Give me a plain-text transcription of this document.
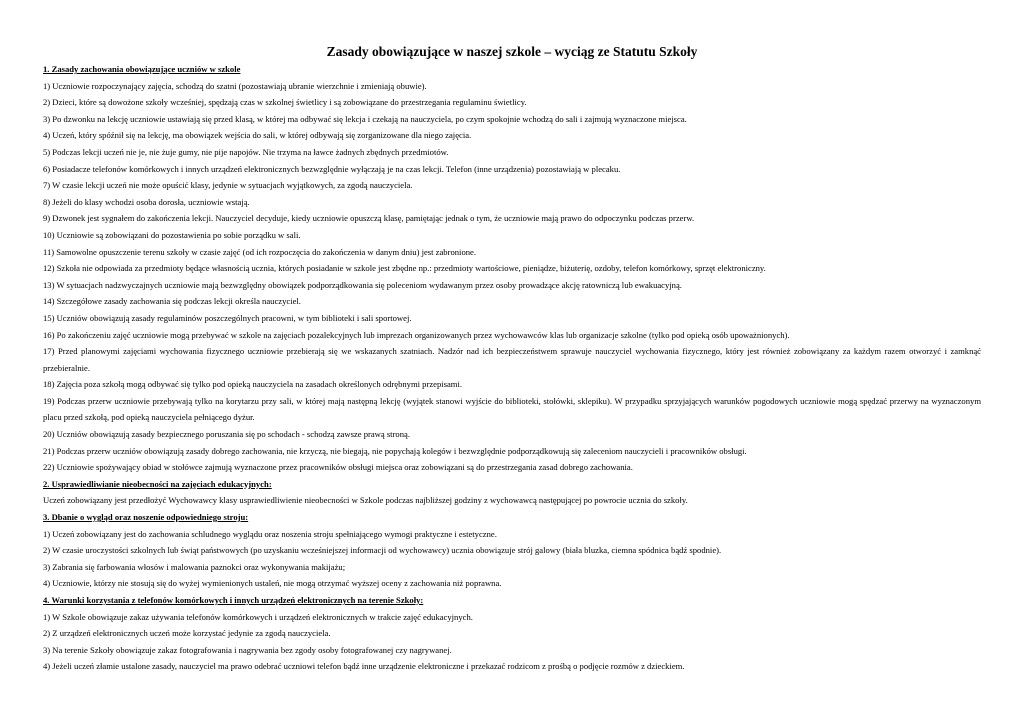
Zasady obowiązujące w naszej szkole – wyciąg ze Statutu Szkoły
1. Zasady zachowania obowiązujące uczniów w szkole
1) Uczniowie rozpoczynający zajęcia, schodzą do szatni (pozostawiają ubranie wierzchnie i zmieniają obuwie).
2) Dzieci, które są dowożone szkoły wcześniej, spędzają czas w szkolnej świetlicy i są zobowiązane do przestrzegania regulaminu świetlicy.
3) Po dzwonku na lekcję uczniowie ustawiają się przed klasą, w której ma odbywać się lekcja i czekają na nauczyciela, po czym spokojnie wchodzą do sali i zajmują wyznaczone miejsca.
4) Uczeń, który spóźnił się na lekcję, ma obowiązek wejścia do sali, w której odbywają się zorganizowane dla niego zajęcia.
5) Podczas lekcji uczeń nie je, nie żuje gumy, nie pije napojów. Nie trzyma na ławce żadnych zbędnych przedmiotów.
6) Posiadacze telefonów komórkowych i innych urządzeń elektronicznych bezwzględnie wyłączają je na czas lekcji. Telefon (inne urządzenia) pozostawiają w plecaku.
7) W czasie lekcji uczeń nie może opuścić klasy, jedynie w sytuacjach wyjątkowych, za zgodą nauczyciela.
8) Jeżeli do klasy wchodzi osoba dorosła, uczniowie wstają.
9) Dzwonek jest sygnałem do zakończenia lekcji. Nauczyciel decyduje, kiedy uczniowie opuszczą klasę, pamiętając jednak o tym, że uczniowie mają prawo do odpoczynku podczas przerw.
10) Uczniowie są zobowiązani do pozostawienia po sobie porządku w sali.
11) Samowolne opuszczenie terenu szkoły w czasie zajęć (od ich rozpoczęcia do zakończenia w danym dniu) jest zabronione.
12) Szkoła nie odpowiada za przedmioty będące własnością ucznia, których posiadanie w szkole jest zbędne np.: przedmioty wartościowe, pieniądze, biżuterię, ozdoby, telefon komórkowy, sprzęt elektroniczny.
13) W sytuacjach nadzwyczajnych uczniowie mają bezwzględny obowiązek podporządkowania się poleceniom wydawanym przez osoby prowadzące akcję ratowniczą lub ewakuacyjną.
14) Szczegółowe zasady zachowania się podczas lekcji określa nauczyciel.
15) Uczniów obowiązują zasady regulaminów poszczególnych pracowni, w tym biblioteki i sali sportowej.
16) Po zakończeniu zajęć uczniowie mogą przebywać w szkole na zajęciach pozalekcyjnych lub imprezach organizowanych przez wychowawców klas lub organizacje szkolne (tylko pod opieką osób upoważnionych).
17) Przed planowymi zajęciami wychowania fizycznego uczniowie przebierają się we wskazanych szatniach. Nadzór nad ich bezpieczeństwem sprawuje nauczyciel wychowania fizycznego, który jest również zobowiązany za każdym razem otworzyć i zamknąć przebieralnie.
18) Zajęcia poza szkołą mogą odbywać się tylko pod opieką nauczyciela na zasadach określonych odrębnymi przepisami.
19) Podczas przerw uczniowie przebywają tylko na korytarzu przy sali, w której mają następną lekcję (wyjątek stanowi wyjście do biblioteki, stołówki, sklepiku). W przypadku sprzyjających warunków pogodowych uczniowie mogą spędzać przerwy na wyznaczonym placu przed szkołą, pod opieką nauczyciela pełniącego dyżur.
20) Uczniów obowiązują zasady bezpiecznego poruszania się po schodach - schodzą zawsze prawą stroną.
21) Podczas przerw uczniów obowiązują zasady dobrego zachowania, nie krzyczą, nie biegają, nie popychają kolegów i bezwzględnie podporządkowują się zaleceniom nauczycieli i pracowników obsługi.
22) Uczniowie spożywający obiad w stołówce zajmują wyznaczone przez pracowników obsługi miejsca oraz zobowiązani są do przestrzegania zasad dobrego zachowania.
2. Usprawiedliwianie nieobecności na zajęciach edukacyjnych:
Uczeń zobowiązany jest przedłożyć Wychowawcy klasy usprawiedliwienie nieobecności w Szkole podczas najbliższej godziny z wychowawcą następującej po powrocie ucznia do szkoły.
3. Dbanie o wygląd oraz noszenie odpowiedniego stroju:
1) Uczeń zobowiązany jest do zachowania schludnego wyglądu oraz noszenia stroju spełniającego wymogi praktyczne i estetyczne.
2) W czasie uroczystości szkolnych lub świąt państwowych (po uzyskaniu wcześniejszej informacji od wychowawcy) ucznia obowiązuje strój galowy (biała bluzka, ciemna spódnica bądź spodnie).
3) Zabrania się farbowania włosów i malowania paznokci oraz wykonywania makijażu;
4) Uczniowie, którzy nie stosują się do wyżej wymienionych ustaleń, nie mogą otrzymać wyższej oceny z zachowania niż poprawna.
4. Warunki korzystania z telefonów komórkowych i innych urządzeń elektronicznych na terenie Szkoły:
1) W Szkole obowiązuje zakaz używania telefonów komórkowych i urządzeń elektronicznych w trakcie zajęć edukacyjnych.
2) Z urządzeń elektronicznych uczeń może korzystać jedynie za zgodą nauczyciela.
3) Na terenie Szkoły obowiązuje zakaz fotografowania i nagrywania bez zgody osoby fotografowanej czy nagrywanej.
4) Jeżeli uczeń złamie ustalone zasady, nauczyciel ma prawo odebrać uczniowi telefon bądź inne urządzenie elektroniczne i przekazać rodzicom z prośbą o podjęcie rozmów z dzieckiem.
